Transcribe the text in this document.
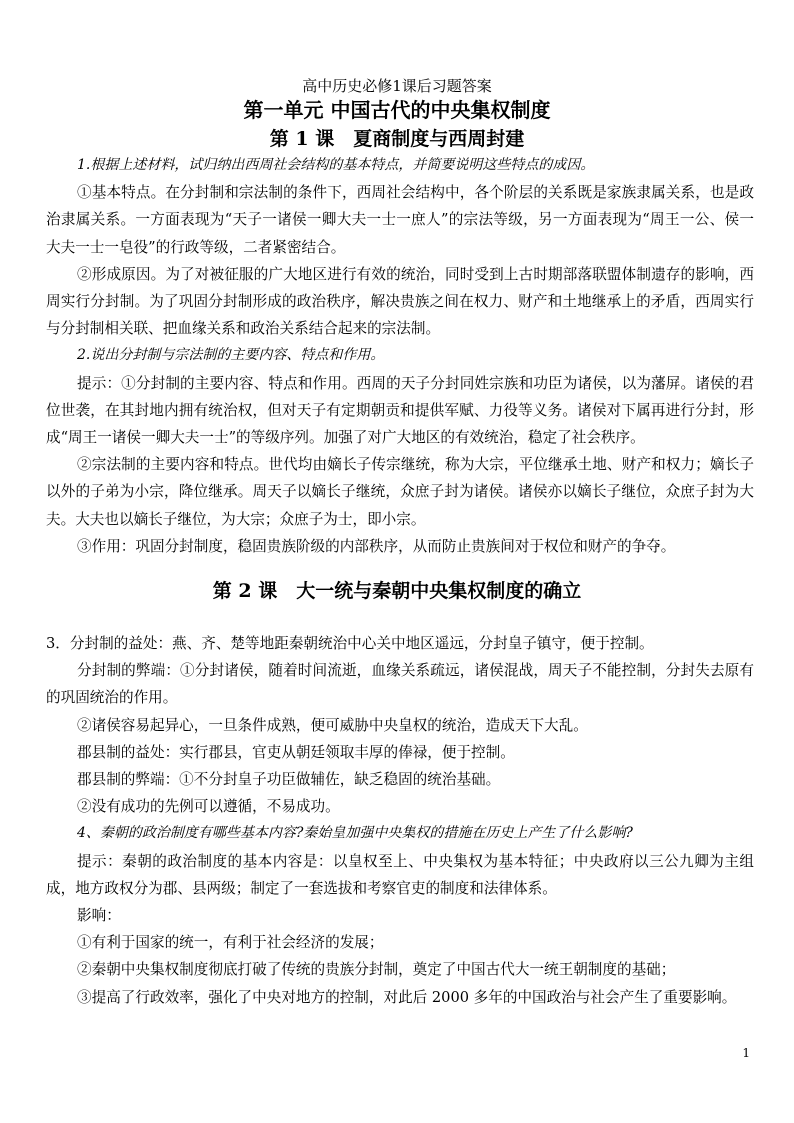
高中历史必修1课后习题答案
第一单元 中国古代的中央集权制度
第 1 课　夏商制度与西周封建

1.根据上述材料，试归纳出西周社会结构的基本特点，并简要说明这些特点的成因。

①基本特点。在分封制和宗法制的条件下，西周社会结构中，各个阶层的关系既是家族隶属关系，也是政治隶属关系。一方面表现为“天子一诸侯一卿大夫一士一庶人”的宗法等级，另一方面表现为“周王一公、侯一大夫一士一皂役”的行政等级，二者紧密结合。

②形成原因。为了对被征服的广大地区进行有效的统治，同时受到上古时期部落联盟体制遗存的影响，西周实行分封制。为了巩固分封制形成的政治秩序，解决贵族之间在权力、财产和土地继承上的矛盾，西周实行与分封制相关联、把血缘关系和政治关系结合起来的宗法制。

2.说出分封制与宗法制的主要内容、特点和作用。

提示：①分封制的主要内容、特点和作用。西周的天子分封同姓宗族和功臣为诸侯，以为藩屏。诸侯的君位世袭，在其封地内拥有统治权，但对天子有定期朝贡和提供军赋、力役等义务。诸侯对下属再进行分封，形成“周王一诸侯一卿大夫一士”的等级序列。加强了对广大地区的有效统治，稳定了社会秩序。

②宗法制的主要内容和特点。世代均由嫡长子传宗继统，称为大宗，平位继承土地、财产和权力；嫡长子以外的子弟为小宗，降位继承。周天子以嫡长子继统，众庶子封为诸侯。诸侯亦以嫡长子继位，众庶子封为大夫。大夫也以嫡长子继位，为大宗；众庶子为士，即小宗。

③作用：巩固分封制度，稳固贵族阶级的内部秩序，从而防止贵族间对于权位和财产的争夺。

第 2 课　大一统与秦朝中央集权制度的确立

3．分封制的益处：燕、齐、楚等地距秦朝统治中心关中地区遥远，分封皇子镇守，便于控制。

分封制的弊端：①分封诸侯，随着时间流逝，血缘关系疏远，诸侯混战，周天子不能控制，分封失去原有的巩固统治的作用。

②诸侯容易起异心，一旦条件成熟，便可威胁中央皇权的统治，造成天下大乱。

郡县制的益处：实行郡县，官吏从朝廷领取丰厚的俸禄，便于控制。

郡县制的弊端：①不分封皇子功臣做辅佐，缺乏稳固的统治基础。

②没有成功的先例可以遵循，不易成功。

4、秦朝的政治制度有哪些基本内容?秦始皇加强中央集权的措施在历史上产生了什么影响?

提示：秦朝的政治制度的基本内容是：以皇权至上、中央集权为基本特征；中央政府以三公九卿为主组成，地方政权分为郡、县两级；制定了一套选拔和考察官吏的制度和法律体系。

影响：

①有利于国家的统一，有利于社会经济的发展；

②秦朝中央集权制度彻底打破了传统的贵族分封制，奠定了中国古代大一统王朝制度的基础；

③提高了行政效率，强化了中央对地方的控制，对此后 2000 多年的中国政治与社会产生了重要影响。

1
